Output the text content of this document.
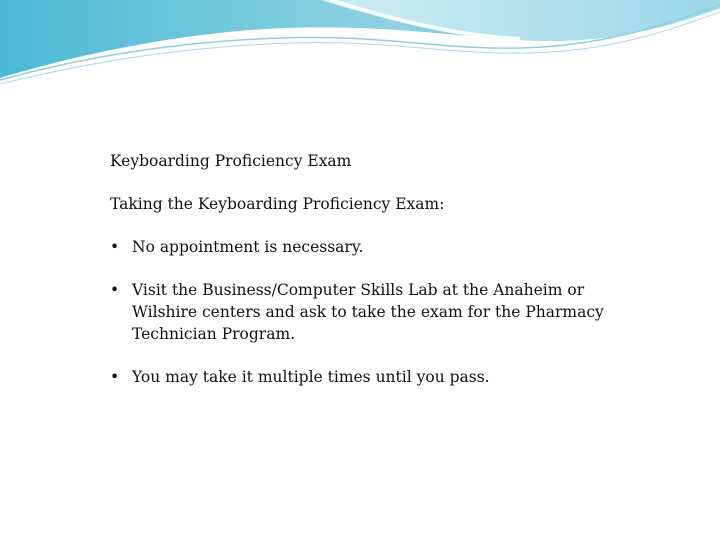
Keyboarding Proficiency Exam
Taking the Keyboarding Proficiency Exam:
• No appointment is necessary.
• Visit the Business/Computer Skills Lab at the Anaheim or Wilshire centers and ask to take the exam for the Pharmacy Technician Program.
• You may take it multiple times until you pass.
